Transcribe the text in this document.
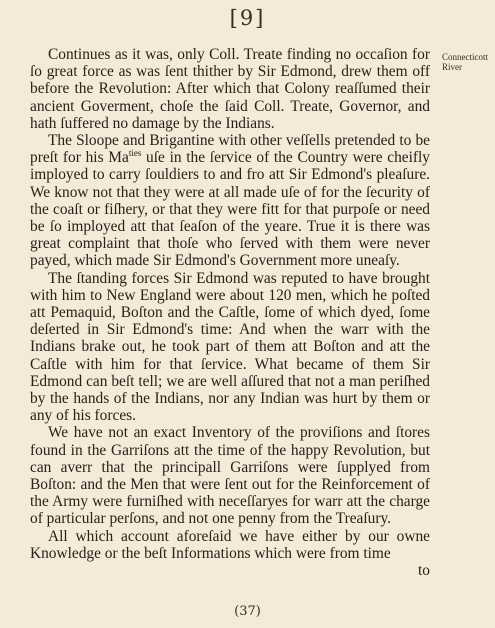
[9]
Connecticott
River

Continues as it was, only Coll. Treate finding no occaſion for ſo great force as was ſent thither by Sir Edmond, drew them off before the Revolution: After which that Colony reaſſumed their ancient Goverment, choſe the ſaid Coll. Treate, Governor, and hath ſuffered no damage by the Indians.

The Sloope and Brigantine with other veſſells pretended to be preſt for his $Ma^{ties}$ uſe in the ſervice of the Country were cheifly imployed to carry ſouldiers to and fro att Sir Edmond's pleaſure. We know not that they were at all made uſe of for the ſecurity of the coaſt or fiſhery, or that they were fitt for that purpoſe or need be ſo imployed att that ſeaſon of the yeare. True it is there was great complaint that thoſe who ſerved with them were never payed, which made Sir Edmond's Government more uneaſy.

The ſtanding forces Sir Edmond was reputed to have brought with him to New England were about 120 men, which he poſted att Pemaquid, Boſton and the Caſtle, ſome of which dyed, ſome deſerted in Sir Edmond's time: And when the warr with the Indians brake out, he took part of them att Boſton and att the Caſtle with him for that ſervice. What became of them Sir Edmond can beſt tell; we are well aſſured that not a man periſhed by the hands of the Indians, nor any Indian was hurt by them or any of his forces.

We have not an exact Inventory of the proviſions and ſtores found in the Garriſons att the time of the happy Revolution, but can averr that the principall Garriſons were ſupplyed from Boſton: and the Men that were ſent out for the Reinforcement of the Army were furniſhed with neceſſaryes for warr att the charge of particular perſons, and not one penny from the Treaſury.

All which account aforeſaid we have either by our owne Knowledge or the beſt Informations which were from time

to
(37)
